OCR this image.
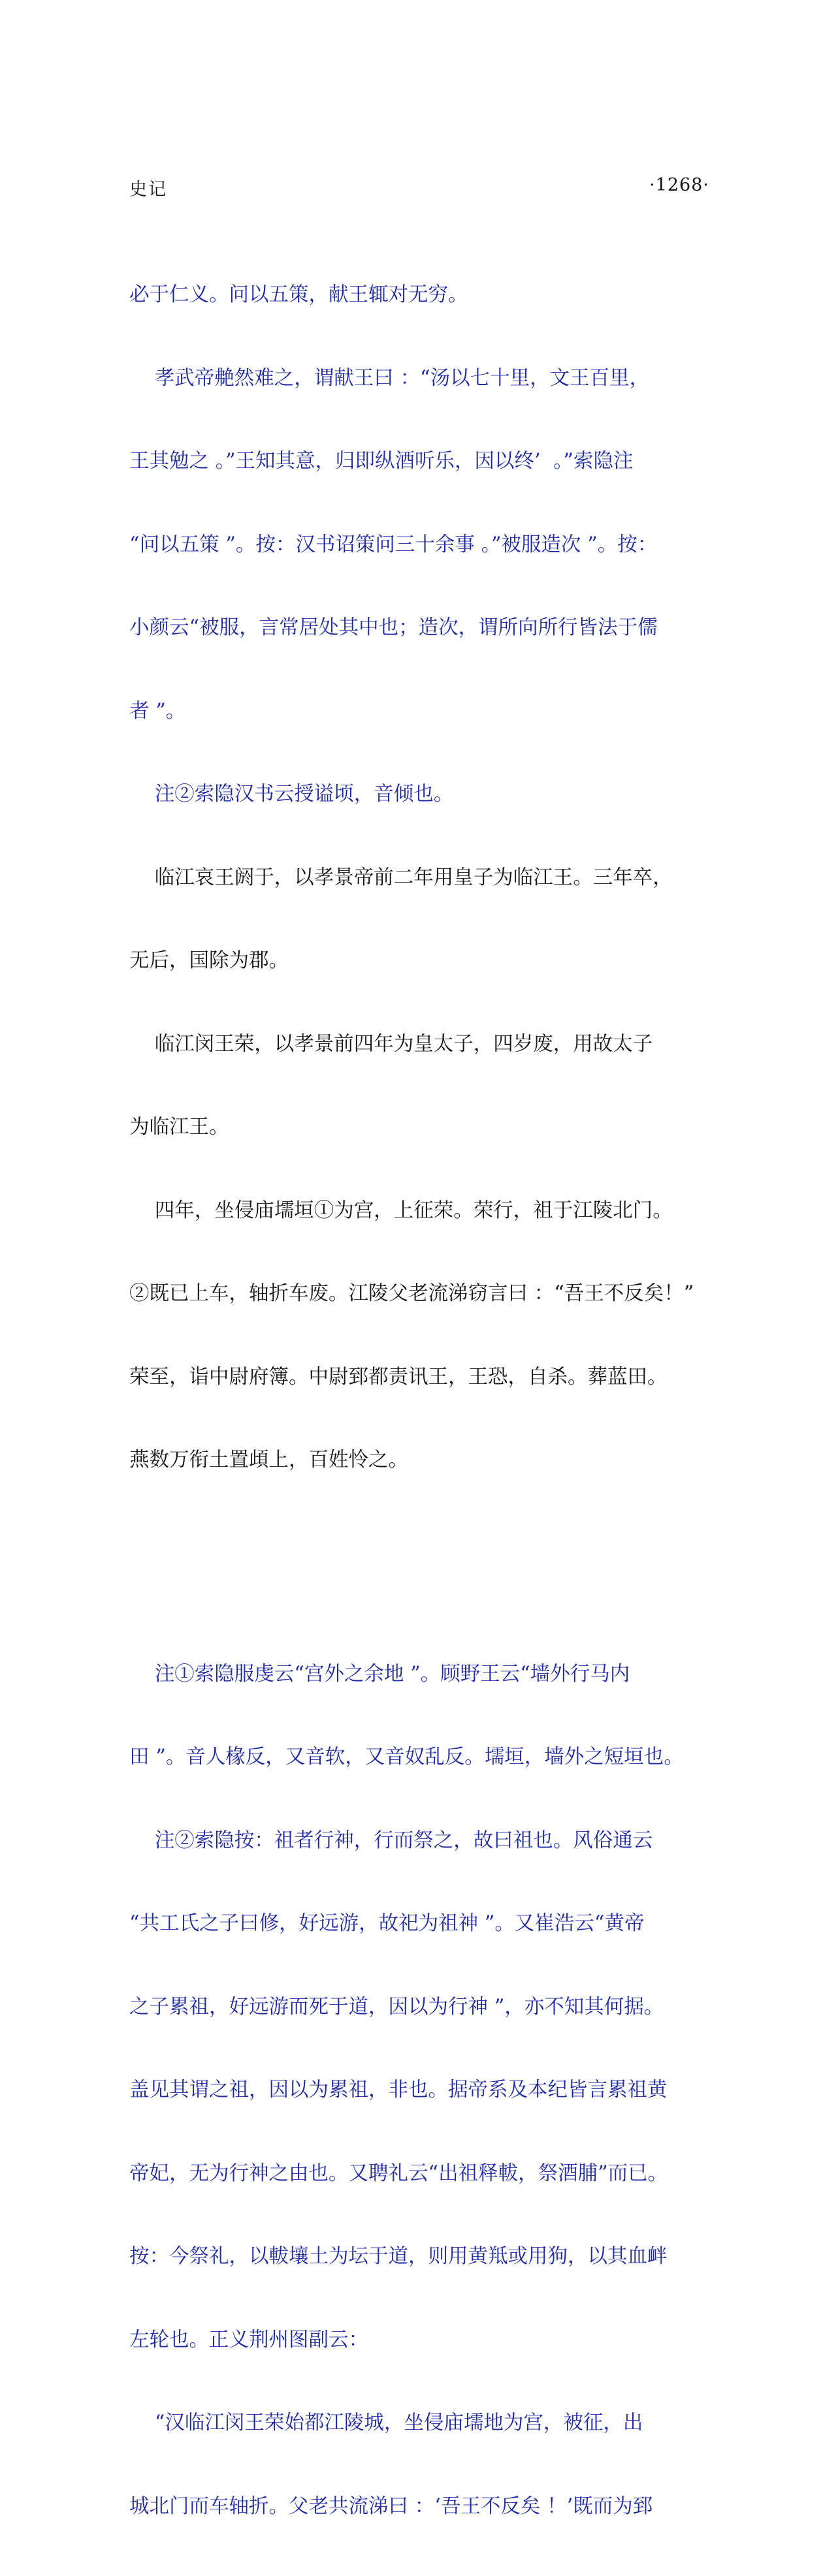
史记	·1268·

必于仁义。问以五策，献王辄对无穷。

孝武帝艴然难之，谓献王曰 ：“汤以七十里，文王百里，

王其勉之 。”王知其意，归即纵酒听乐，因以终’  。”索隐注

“问以五策 ”。按：汉书诏策问三十余事 。”被服造次 ”。按：

小颜云“被服，言常居处其中也；造次，谓所向所行皆法于儒

者 ”。

注②索隐汉书云授谥顷，音倾也。

临江哀王阏于，以孝景帝前二年用皇子为临江王。三年卒，

无后，国除为郡。

临江闵王荣，以孝景前四年为皇太子，四岁废，用故太子

为临江王。

四年，坐侵庙壖垣①为宫，上征荣。荣行，祖于江陵北门。

②既已上车，轴折车废。江陵父老流涕窃言曰 ：“吾王不反矣！”

荣至，诣中尉府簿。中尉郅都责讯王，王恐，自杀。葬蓝田。

燕数万衔土置頉上，百姓怜之。

注①索隐服虔云“宫外之余地 ”。顾野王云“墙外行马内

田 ”。音人椽反，又音软，又音奴乱反。壖垣，墙外之短垣也。

注②索隐按：祖者行神，行而祭之，故曰祖也。风俗通云

“共工氏之子曰修，好远游，故祀为祖神 ”。又崔浩云“黄帝

之子累祖，好远游而死于道，因以为行神 ”，亦不知其何据。

盖见其谓之祖，因以为累祖，非也。据帝系及本纪皆言累祖黄

帝妃，无为行神之由也。又聘礼云“出祖释軷，祭酒脯”而已。

按：今祭礼，以軷壤土为坛于道，则用黄羝或用狗，以其血衅

左轮也。正义荆州图副云：

“汉临江闵王荣始都江陵城，坐侵庙壖地为宫，被征，出

城北门而车轴折。父老共流涕曰 ：‘吾王不反矣 ！’既而为郅
